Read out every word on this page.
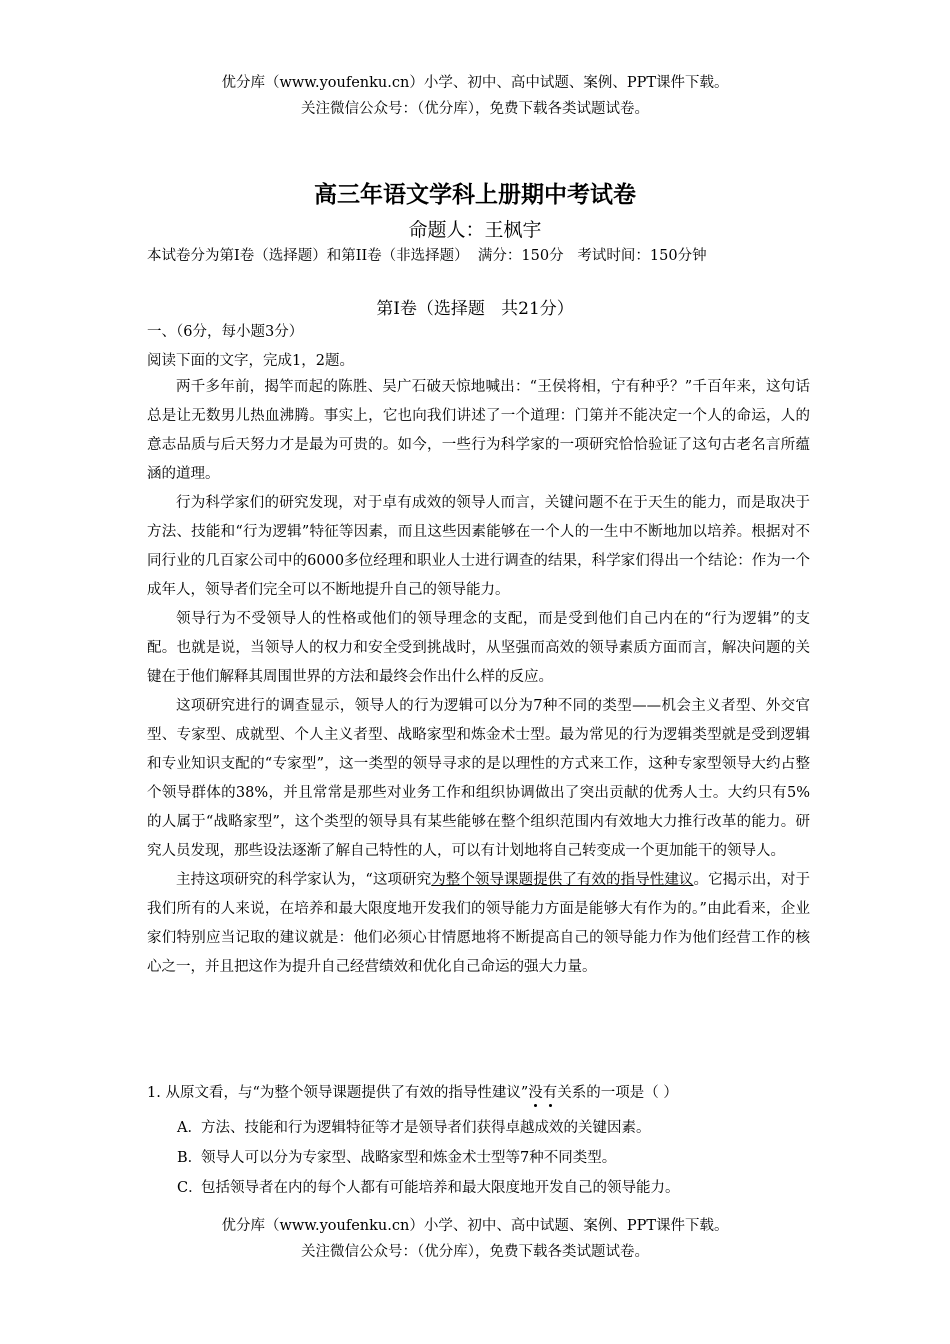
优分库（www.youfenku.cn）小学、初中、高中试题、案例、PPT课件下载。
关注微信公众号：（优分库），免费下载各类试题试卷。
高三年语文学科上册期中考试卷
命题人：王枫宇
本试卷分为第I卷（选择题）和第II卷（非选择题）  满分：150分   考试时间：150分钟
第I卷（选择题   共21分）
一、（6分，每小题3分）
阅读下面的文字，完成1，2题。

两千多年前，揭竿而起的陈胜、吴广石破天惊地喊出：“王侯将相，宁有种乎？”千百年来，这句话总是让无数男儿热血沸腾。事实上，它也向我们讲述了一个道理：门第并不能决定一个人的命运，人的意志品质与后天努力才是最为可贵的。如今，一些行为科学家的一项研究恰恰验证了这句古老名言所蕴涵的道理。

行为科学家们的研究发现，对于卓有成效的领导人而言，关键问题不在于天生的能力，而是取决于方法、技能和“行为逻辑”特征等因素，而且这些因素能够在一个人的一生中不断地加以培养。根据对不同行业的几百家公司中的6000多位经理和职业人士进行调查的结果，科学家们得出一个结论：作为一个成年人，领导者们完全可以不断地提升自己的领导能力。

领导行为不受领导人的性格或他们的领导理念的支配，而是受到他们自己内在的“行为逻辑”的支配。也就是说，当领导人的权力和安全受到挑战时，从坚强而高效的领导素质方面而言，解决问题的关键在于他们解释其周围世界的方法和最终会作出什么样的反应。

这项研究进行的调查显示，领导人的行为逻辑可以分为7种不同的类型——机会主义者型、外交官型、专家型、成就型、个人主义者型、战略家型和炼金术士型。最为常见的行为逻辑类型就是受到逻辑和专业知识支配的“专家型”，这一类型的领导寻求的是以理性的方式来工作，这种专家型领导大约占整个领导群体的38%，并且常常是那些对业务工作和组织协调做出了突出贡献的优秀人士。大约只有5%的人属于“战略家型”，这个类型的领导具有某些能够在整个组织范围内有效地大力推行改革的能力。研究人员发现，那些设法逐渐了解自己特性的人，可以有计划地将自己转变成一个更加能干的领导人。

主持这项研究的科学家认为，“这项研究为整个领导课题提供了有效的指导性建议。它揭示出，对于我们所有的人来说，在培养和最大限度地开发我们的领导能力方面是能够大有作为的。”由此看来，企业家们特别应当记取的建议就是：他们必须心甘情愿地将不断提高自己的领导能力作为他们经营工作的核心之一，并且把这作为提升自己经营绩效和优化自己命运的强大力量。

1. 从原文看，与“为整个领导课题提供了有效的指导性建议”没有关系的一项是（ ）
A． 方法、技能和行为逻辑特征等才是领导者们获得卓越成效的关键因素。
B．
领导人可以分为专家型、战略家型和炼金术士型等7种不同类型。
C．
包括领导者在内的每个人都有可能培养和最大限度地开发自己的领导能力。
优分库（www.youfenku.cn）小学、初中、高中试题、案例、PPT课件下载。
关注微信公众号：（优分库），免费下载各类试题试卷。
